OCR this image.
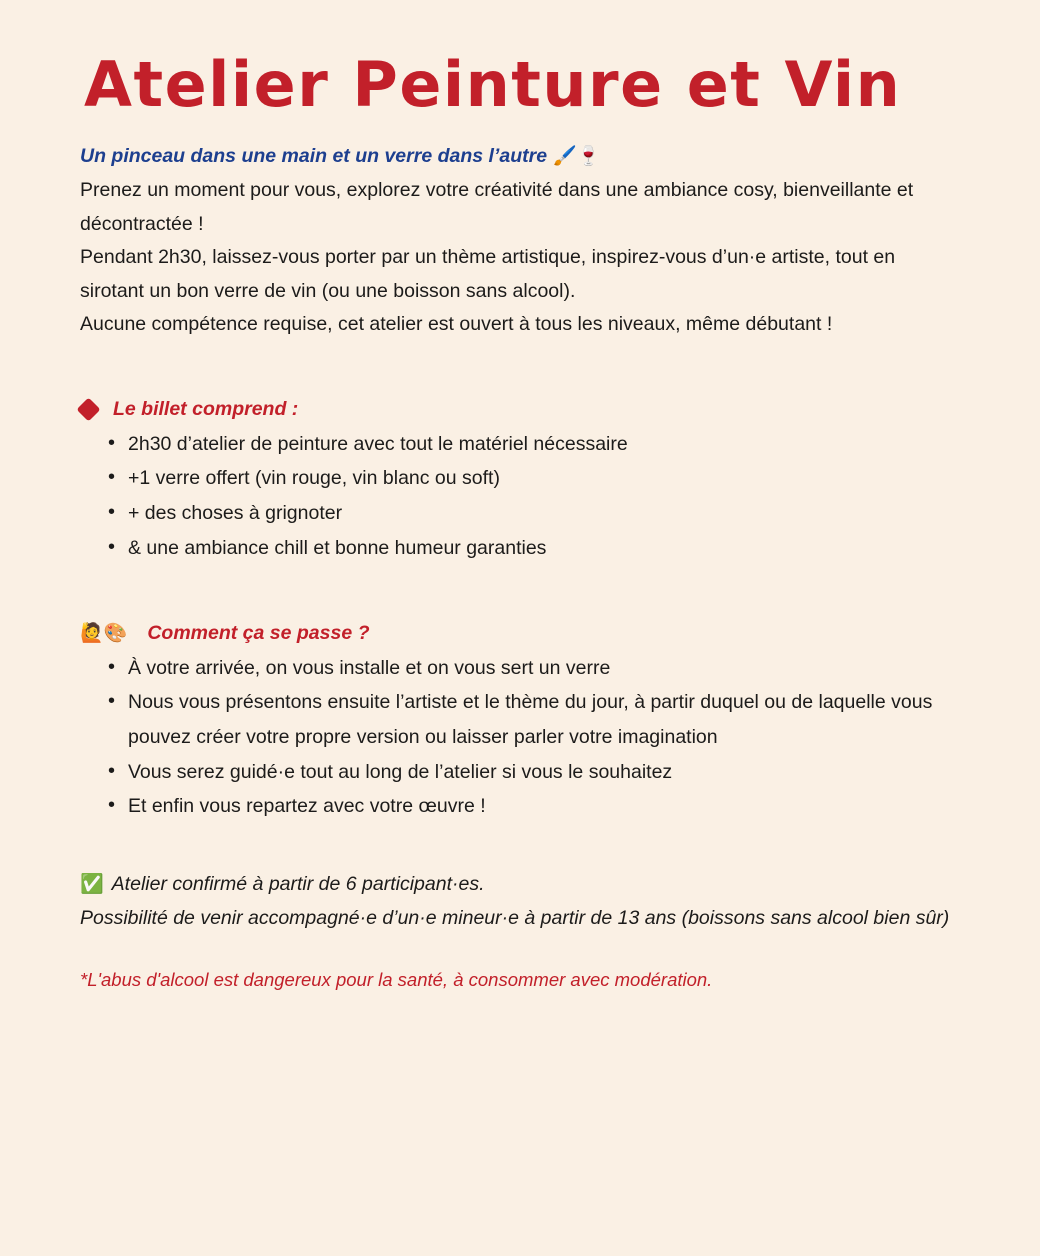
Atelier Peinture et Vin
Un pinceau dans une main et un verre dans l’autre 🖌️🍷

Prenez un moment pour vous, explorez votre créativité dans une ambiance cosy, bienveillante et décontractée !

Pendant 2h30, laissez-vous porter par un thème artistique, inspirez-vous d’un·e artiste, tout en sirotant un bon verre de vin (ou une boisson sans alcool).

Aucune compétence requise, cet atelier est ouvert à tous les niveaux, même débutant !

Le billet comprend :
• 2h30 d’atelier de peinture avec tout le matériel nécessaire
• +1 verre offert (vin rouge, vin blanc ou soft)
• + des choses à grignoter
• & une ambiance chill et bonne humeur garanties
🙋🎨 Comment ça se passe ?
• À votre arrivée, on vous installe et on vous sert un verre
• Nous vous présentons ensuite l’artiste et le thème du jour, à partir duquel ou de laquelle vous pouvez créer votre propre version ou laisser parler votre imagination
• Vous serez guidé·e tout au long de l’atelier si vous le souhaitez
• Et enfin vous repartez avec votre œuvre !
✅ Atelier confirmé à partir de 6 participant·es.
Possibilité de venir accompagné·e d’un·e mineur·e à partir de 13 ans (boissons sans alcool bien sûr)
*L'abus d'alcool est dangereux pour la santé, à consommer avec modération.
